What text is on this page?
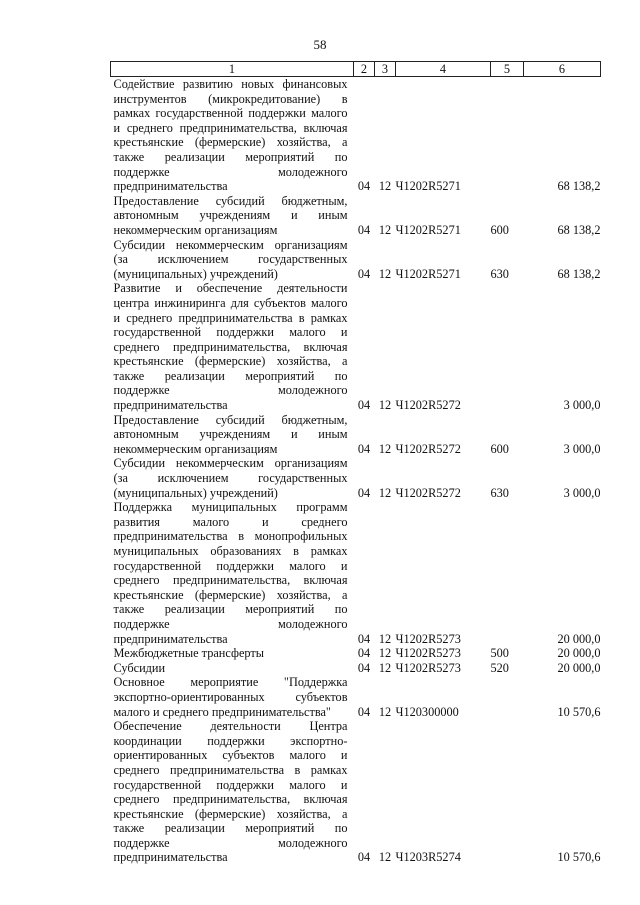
58
1	2	3	4	5	6
Содействие развитию новых финансовых инструментов (микрокредитование) в рамках государственной поддержки малого и среднего предпринимательства, включая крестьянские (фермерские) хозяйства, а также реализации мероприятий по поддержке молодежного предпринимательства	04	12	Ч1202R5271		68 138,2
Предоставление субсидий бюджетным, автономным учреждениям и иным некоммерческим организациям	04	12	Ч1202R5271	600	68 138,2
Субсидии некоммерческим организациям (за исключением государственных (муниципальных) учреждений)	04	12	Ч1202R5271	630	68 138,2
Развитие и обеспечение деятельности центра инжиниринга для субъектов малого и среднего предпринимательства в рамках государственной поддержки малого и среднего предпринимательства, включая крестьянские (фермерские) хозяйства, а также реализации мероприятий по поддержке молодежного предпринимательства	04	12	Ч1202R5272		3 000,0
Предоставление субсидий бюджетным, автономным учреждениям и иным некоммерческим организациям	04	12	Ч1202R5272	600	3 000,0
Субсидии некоммерческим организациям (за исключением государственных (муниципальных) учреждений)	04	12	Ч1202R5272	630	3 000,0
Поддержка муниципальных программ развития малого и среднего предпринимательства в монопрофильных муниципальных образованиях в рамках государственной поддержки малого и среднего предпринимательства, включая крестьянские (фермерские) хозяйства, а также реализации мероприятий по поддержке молодежного предпринимательства	04	12	Ч1202R5273		20 000,0
Межбюджетные трансферты	04	12	Ч1202R5273	500	20 000,0
Субсидии	04	12	Ч1202R5273	520	20 000,0
Основное мероприятие "Поддержка экспортно-ориентированных субъектов малого и среднего предпринимательства"	04	12	Ч120300000		10 570,6
Обеспечение деятельности Центра координации поддержки экспортно-ориентированных субъектов малого и среднего предпринимательства в рамках государственной поддержки малого и среднего предпринимательства, включая крестьянские (фермерские) хозяйства, а также реализации мероприятий по поддержке молодежного предпринимательства	04	12	Ч1203R5274		10 570,6
